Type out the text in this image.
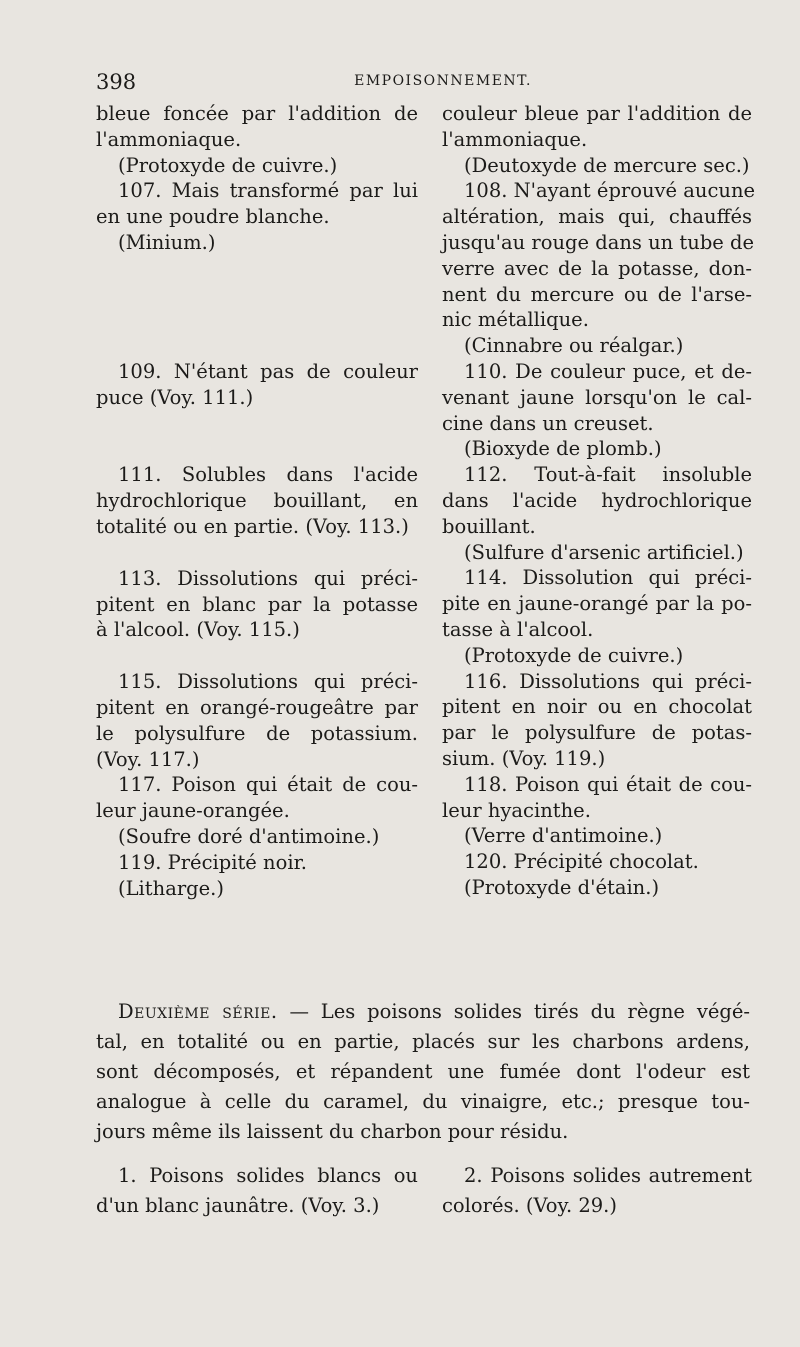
398	EMPOISONNEMENT.
bleue foncée par l'addition de
l'ammoniaque.
(Protoxyde de cuivre.)
107. Mais transformé par lui
en une poudre blanche.
(Minium.)
109. N'étant pas de couleur
puce (Voy. 111.)
111. Solubles dans l'acide
hydrochlorique bouillant, en
totalité ou en partie. (Voy. 113.)
113. Dissolutions qui préci-
pitent en blanc par la potasse
à l'alcool. (Voy. 115.)
115. Dissolutions qui préci-
pitent en orangé-rougeâtre par
le polysulfure de potassium.
(Voy. 117.)
117. Poison qui était de cou-
leur jaune-orangée.
(Soufre doré d'antimoine.)
119. Précipité noir.
(Litharge.)
couleur bleue par l'addition de
l'ammoniaque.
(Deutoxyde de mercure sec.)
108. N'ayant éprouvé aucune
altération, mais qui, chauffés
jusqu'au rouge dans un tube de
verre avec de la potasse, don-
nent du mercure ou de l'arse-
nic métallique.
(Cinnabre ou réalgar.)
110. De couleur puce, et de-
venant jaune lorsqu'on le cal-
cine dans un creuset.
(Bioxyde de plomb.)
112. Tout-à-fait insoluble
dans l'acide hydrochlorique
bouillant.
(Sulfure d'arsenic artificiel.)
114. Dissolution qui préci-
pite en jaune-orangé par la po-
tasse à l'alcool.
(Protoxyde de cuivre.)
116. Dissolutions qui préci-
pitent en noir ou en chocolat
par le polysulfure de potas-
sium. (Voy. 119.)
118. Poison qui était de cou-
leur hyacinthe.
(Verre d'antimoine.)
120. Précipité chocolat.
(Protoxyde d'étain.)
Deuxième série. — Les poisons solides tirés du règne végé-
tal, en totalité ou en partie, placés sur les charbons ardens,
sont décomposés, et répandent une fumée dont l'odeur est
analogue à celle du caramel, du vinaigre, etc.; presque tou-
jours même ils laissent du charbon pour résidu.
1. Poisons solides blancs ou
d'un blanc jaunâtre. (Voy. 3.)
2. Poisons solides autrement
colorés. (Voy. 29.)
